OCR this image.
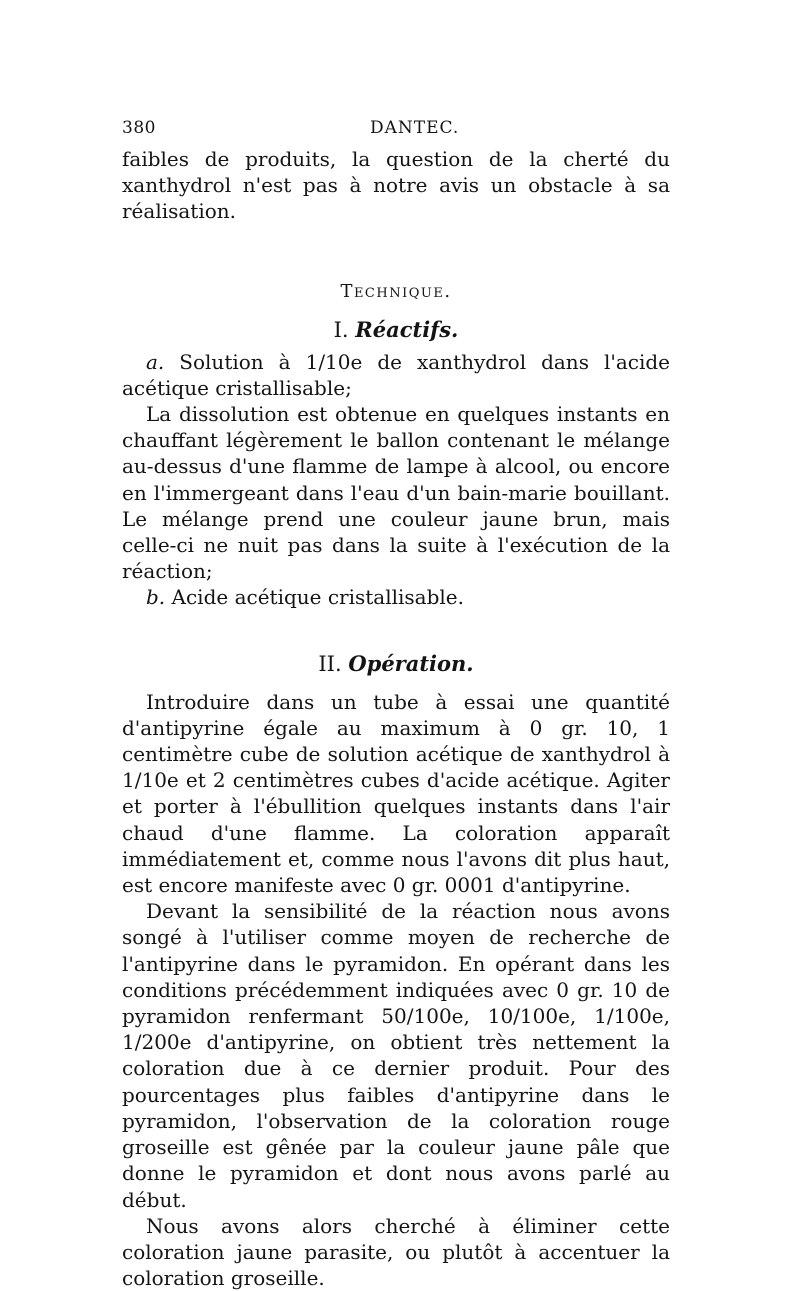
380	DANTEC.

faibles de produits, la question de la cherté du xanthydrol n'est pas à notre avis un obstacle à sa réalisation.

Technique.
I. Réactifs.

a. Solution à 1/10e de xanthydrol dans l'acide acétique cristallisable;

La dissolution est obtenue en quelques instants en chauffant légèrement le ballon contenant le mélange au-dessus d'une flamme de lampe à alcool, ou encore en l'immergeant dans l'eau d'un bain-marie bouillant. Le mélange prend une couleur jaune brun, mais celle-ci ne nuit pas dans la suite à l'exécution de la réaction;

b. Acide acétique cristallisable.

II. Opération.

Introduire dans un tube à essai une quantité d'antipyrine égale au maximum à 0 gr. 10, 1 centimètre cube de solution acétique de xanthydrol à 1/10e et 2 centimètres cubes d'acide acétique. Agiter et porter à l'ébullition quelques instants dans l'air chaud d'une flamme. La coloration apparaît immédiatement et, comme nous l'avons dit plus haut, est encore manifeste avec 0 gr. 0001 d'antipyrine.

Devant la sensibilité de la réaction nous avons songé à l'utiliser comme moyen de recherche de l'antipyrine dans le pyramidon. En opérant dans les conditions précédemment indiquées avec 0 gr. 10 de pyramidon renfermant 50/100e, 10/100e, 1/100e, 1/200e d'antipyrine, on obtient très nettement la coloration due à ce dernier produit. Pour des pourcentages plus faibles d'antipyrine dans le pyramidon, l'observation de la coloration rouge groseille est gênée par la couleur jaune pâle que donne le pyramidon et dont nous avons parlé au début.

Nous avons alors cherché à éliminer cette coloration jaune parasite, ou plutôt à accentuer la coloration groseille.
